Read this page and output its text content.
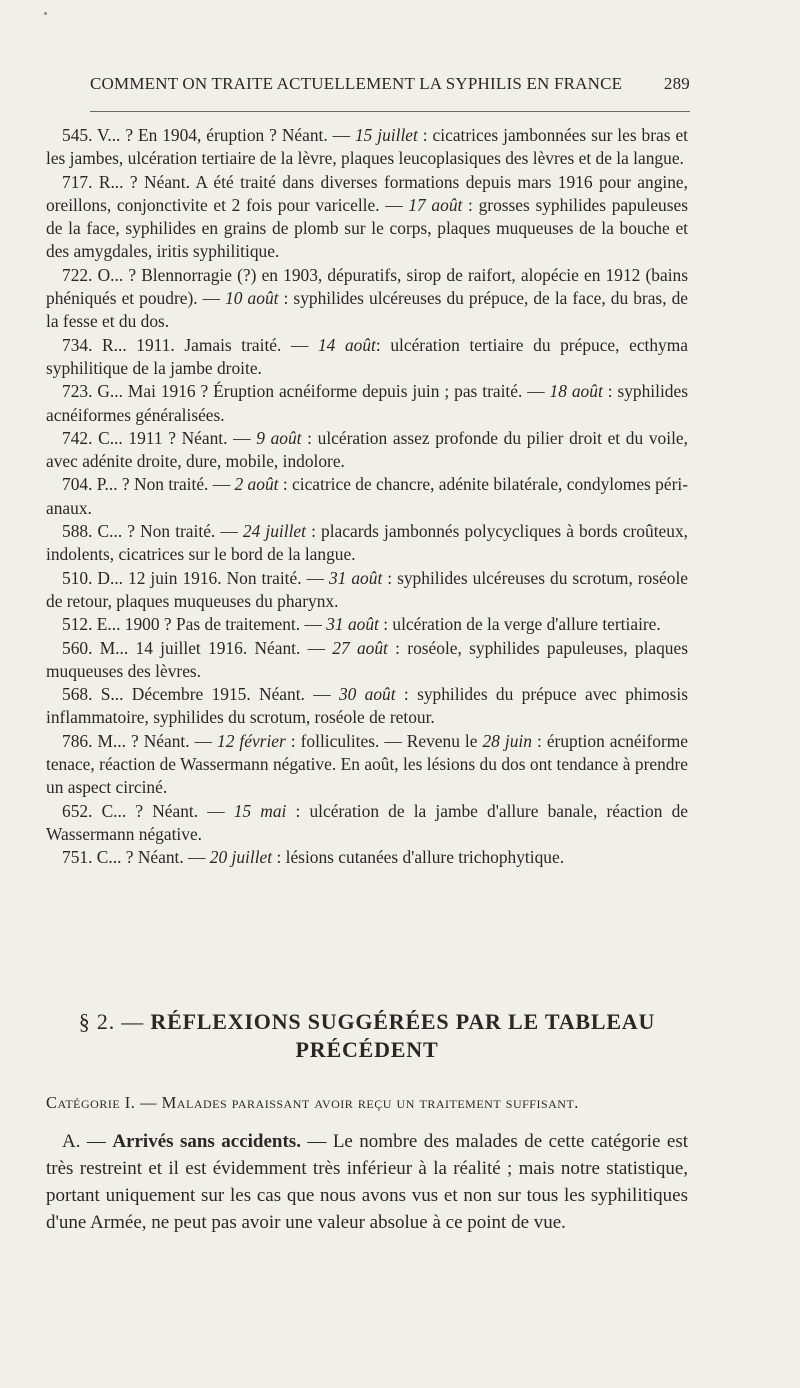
COMMENT ON TRAITE ACTUELLEMENT LA SYPHILIS EN FRANCE 289

545. V... ? En 1904, éruption ? Néant. — 15 juillet : cicatrices jambonnées sur les bras et les jambes, ulcération tertiaire de la lèvre, plaques leucoplasiques des lèvres et de la langue.

717. R... ? Néant. A été traité dans diverses formations depuis mars 1916 pour angine, oreillons, conjonctivite et 2 fois pour varicelle. — 17 août : grosses syphilides papuleuses de la face, syphilides en grains de plomb sur le corps, plaques muqueuses de la bouche et des amygdales, iritis syphilitique.

722. O... ? Blennorragie (?) en 1903, dépuratifs, sirop de raifort, alopécie en 1912 (bains phéniqués et poudre). — 10 août : syphilides ulcéreuses du prépuce, de la face, du bras, de la fesse et du dos.

734. R... 1911. Jamais traité. — 14 août: ulcération tertiaire du prépuce, ecthyma syphilitique de la jambe droite.

723. G... Mai 1916 ? Éruption acnéiforme depuis juin ; pas traité. — 18 août : syphilides acnéiformes généralisées.

742. C... 1911 ? Néant. — 9 août : ulcération assez profonde du pilier droit et du voile, avec adénite droite, dure, mobile, indolore.

704. P... ? Non traité. — 2 août : cicatrice de chancre, adénite bilatérale, condylomes péri-anaux.

588. C... ? Non traité. — 24 juillet : placards jambonnés polycycliques à bords croûteux, indolents, cicatrices sur le bord de la langue.

510. D... 12 juin 1916. Non traité. — 31 août : syphilides ulcéreuses du scrotum, roséole de retour, plaques muqueuses du pharynx.

512. E... 1900 ? Pas de traitement. — 31 août : ulcération de la verge d'allure tertiaire.

560. M... 14 juillet 1916. Néant. — 27 août : roséole, syphilides papuleuses, plaques muqueuses des lèvres.

568. S... Décembre 1915. Néant. — 30 août : syphilides du prépuce avec phimosis inflammatoire, syphilides du scrotum, roséole de retour.

786. M... ? Néant. — 12 février : folliculites. — Revenu le 28 juin : éruption acnéiforme tenace, réaction de Wassermann négative. En août, les lésions du dos ont tendance à prendre un aspect circiné.

652. C... ? Néant. — 15 mai : ulcération de la jambe d'allure banale, réaction de Wassermann négative.

751. C... ? Néant. — 20 juillet : lésions cutanées d'allure trichophytique.

§ 2. — RÉFLEXIONS SUGGÉRÉES PAR LE TABLEAU
PRÉCÉDENT
Catégorie I. — Malades paraissant avoir reçu un traitement suffisant.

A. — Arrivés sans accidents. — Le nombre des malades de cette catégorie est très restreint et il est évidemment très inférieur à la réalité ; mais notre statistique, portant uniquement sur les cas que nous avons vus et non sur tous les syphilitiques d'une Armée, ne peut pas avoir une valeur absolue à ce point de vue.
